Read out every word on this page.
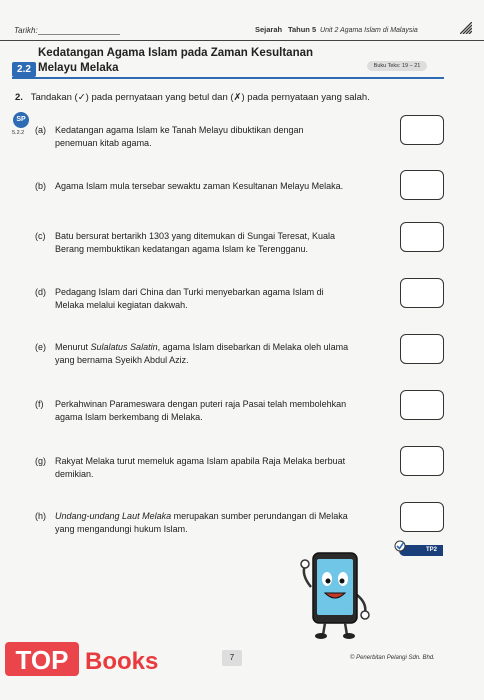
Tarikh:	Sejarah Tahun 5 Unit 2 Agama Islam di Malaysia
Kedatangan Agama Islam pada Zaman Kesultanan
Melayu Melaka
2.2	Buku Teks: 19 – 21
2. Tandakan (✓) pada pernyataan yang betul dan (✗) pada pernyataan yang salah.
SP
5.2.2 (a) Kedatangan agama Islam ke Tanah Melayu dibuktikan dengan
penemuan kitab agama.
(b) Agama Islam mula tersebar sewaktu zaman Kesultanan Melayu Melaka.
(c) Batu bersurat bertarikh 1303 yang ditemukan di Sungai Teresat, Kuala
Berang membuktikan kedatangan agama Islam ke Terengganu.
(d) Pedagang Islam dari China dan Turki menyebarkan agama Islam di
Melaka melalui kegiatan dakwah.
(e) Menurut Sulalatus Salatin, agama Islam disebarkan di Melaka oleh ulama
yang bernama Syeikh Abdul Aziz.
(f) Perkahwinan Parameswara dengan puteri raja Pasai telah membolehkan
agama Islam berkembang di Melaka.
(g) Rakyat Melaka turut memeluk agama Islam apabila Raja Melaka berbuat
demikian.
(h) Undang-undang Laut Melaka merupakan sumber perundangan di Melaka
yang mengandungi hukum Islam.
TP2
7	© Penerbitan Pelangi Sdn. Bhd.
TOP Books
